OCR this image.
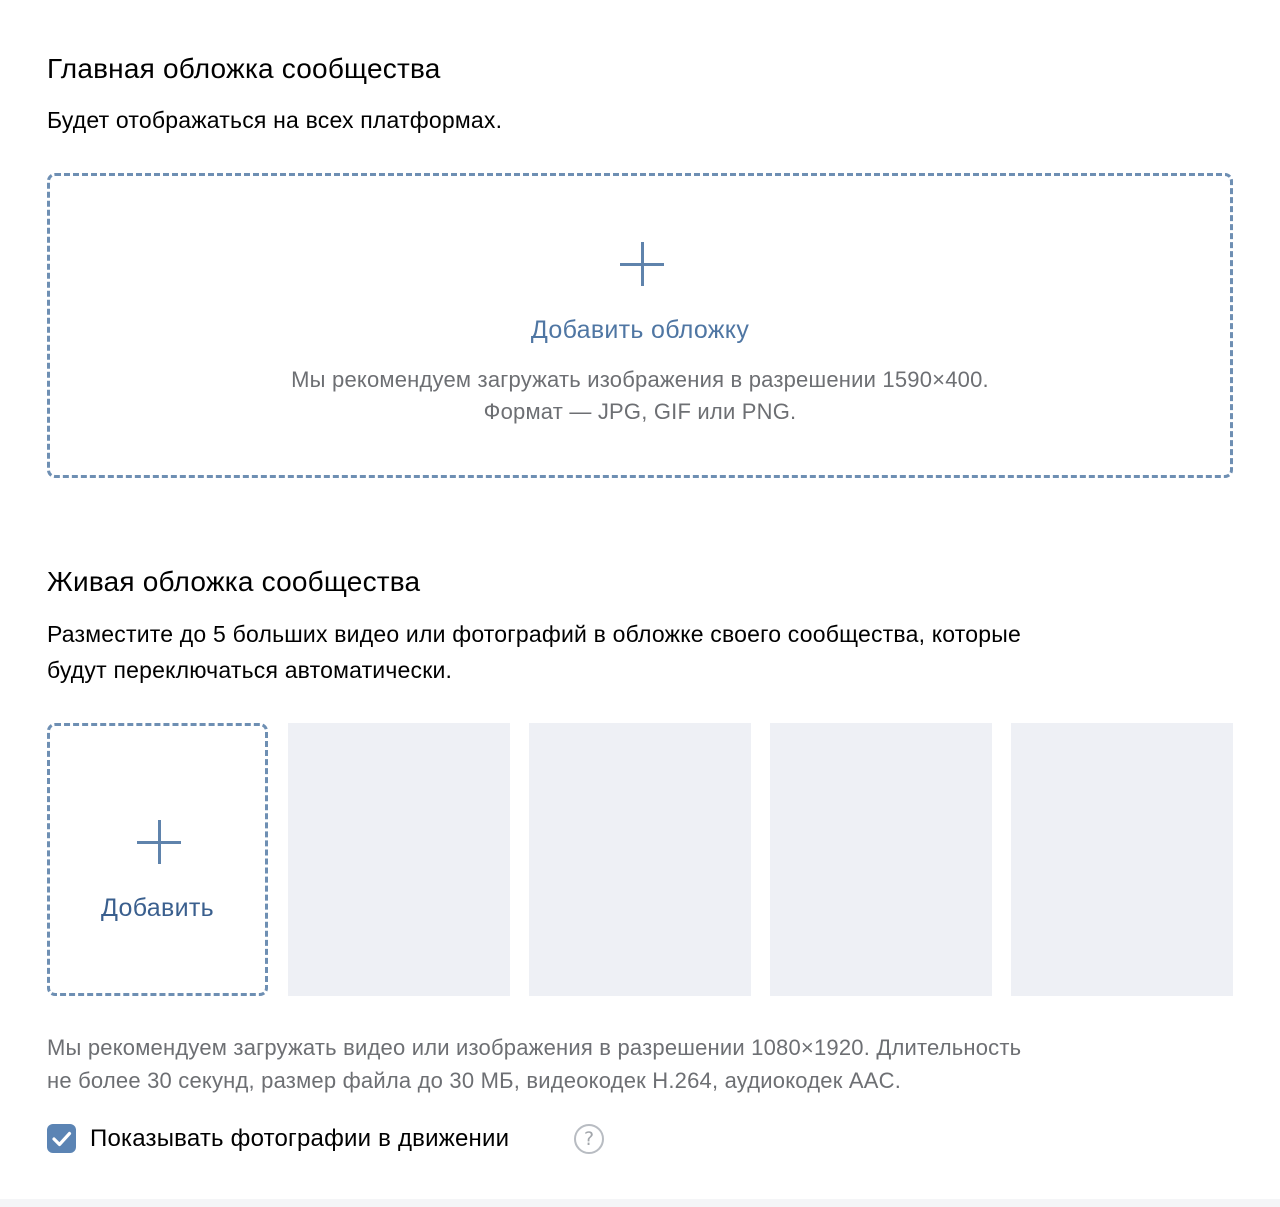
Главная обложка сообщества

Будет отображаться на всех платформах.

Добавить обложку
Мы рекомендуем загружать изображения в разрешении 1590×400.
Формат — JPG, GIF или PNG.
Живая обложка сообщества

Разместите до 5 больших видео или фотографий в обложке своего сообщества, которые

будут переключаться автоматически.

Добавить
Мы рекомендуем загружать видео или изображения в разрешении 1080×1920. Длительность
не более 30 секунд, размер файла до 30 МБ, видеокодек H.264, аудиокодек AAC.
Показывать фотографии в движении	?
